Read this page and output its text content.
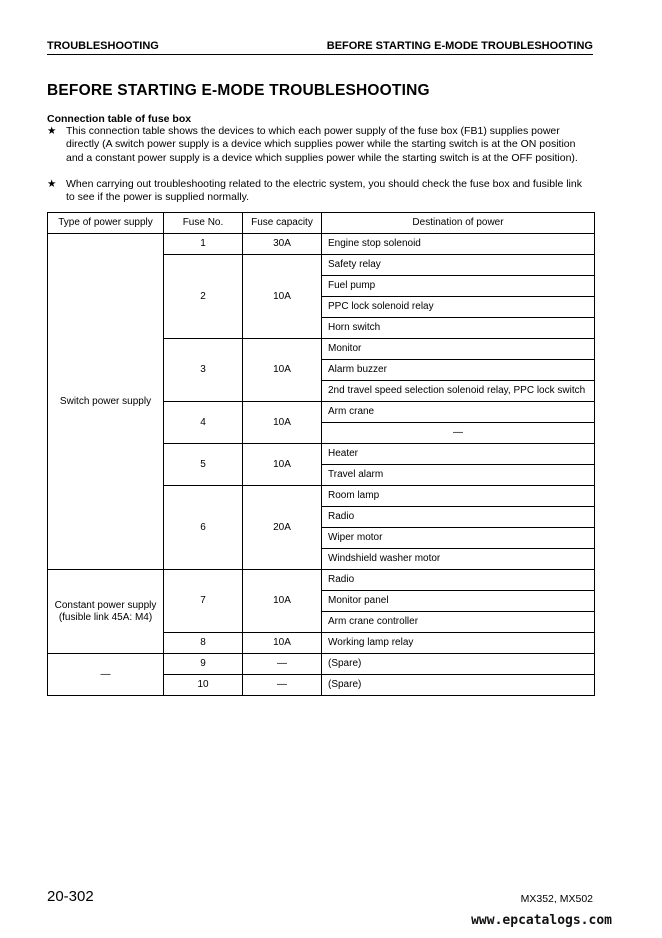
TROUBLESHOOTING	BEFORE STARTING E-MODE TROUBLESHOOTING
BEFORE STARTING E-MODE TROUBLESHOOTING
Connection table of fuse box
★ This connection table shows the devices to which each power supply of the fuse box (FB1) supplies power directly (A switch power supply is a device which supplies power while the starting switch is at the ON position and a constant power supply is a device which supplies power while the starting switch is at the OFF position).
★ When carrying out troubleshooting related to the electric system, you should check the fuse box and fusible link to see if the power is supplied normally.
Type of power supply	Fuse No.	Fuse capacity	Destination of power
Switch power supply	1	30A	Engine stop solenoid
	2	10A	Safety relay
			Fuel pump
			PPC lock solenoid relay
			Horn switch
	3	10A	Monitor
			Alarm buzzer
			2nd travel speed selection solenoid relay, PPC lock switch
	4	10A	Arm crane
			—
	5	10A	Heater
			Travel alarm
	6	20A	Room lamp
			Radio
			Wiper motor
			Windshield washer motor
Constant power supply
(fusible link 45A: M4)	7	10A	Radio
			Monitor panel
			Arm crane controller
	8	10A	Working lamp relay
—	9	—	(Spare)
	10	—	(Spare)
20-302	MX352, MX502
www.epcatalogs.com
